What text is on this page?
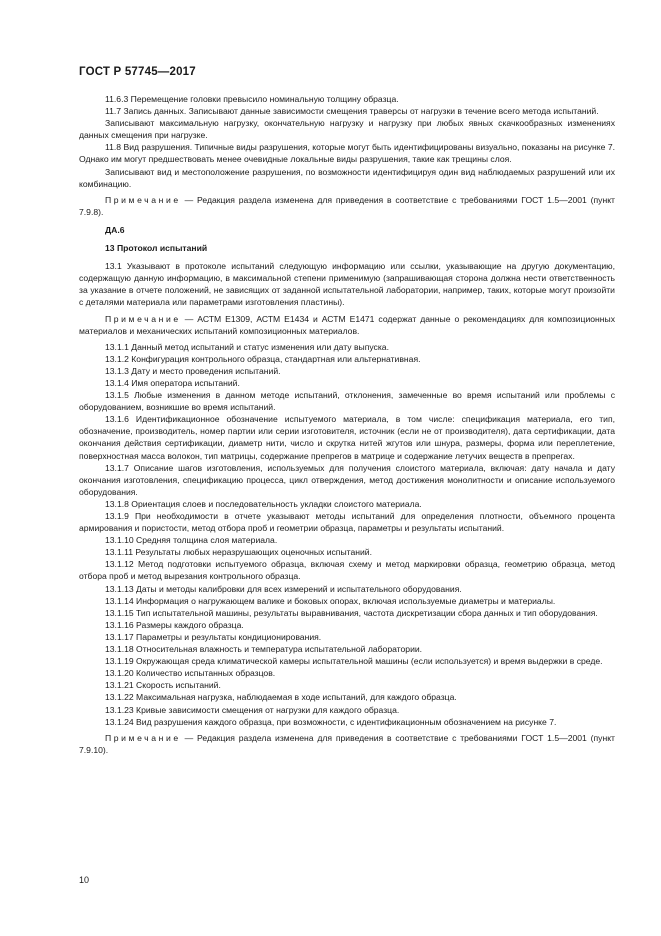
ГОСТ Р 57745—2017

11.6.3 Перемещение головки превысило номинальную толщину образца.

11.7 Запись данных. Записывают данные зависимости смещения траверсы от нагрузки в течение всего метода испытаний.

Записывают максимальную нагрузку, окончательную нагрузку и нагрузку при любых явных скачкообразных изменениях данных смещения при нагрузке.

11.8 Вид разрушения. Типичные виды разрушения, которые могут быть идентифицированы визуально, показаны на рисунке 7. Однако им могут предшествовать менее очевидные локальные виды разрушения, такие как трещины слоя.

Записывают вид и местоположение разрушения, по возможности идентифицируя один вид наблюдаемых разрушений или их комбинацию.

Примечание — Редакция раздела изменена для приведения в соответствие с требованиями ГОСТ 1.5—2001 (пункт 7.9.8).

ДА.6

13 Протокол испытаний

13.1 Указывают в протоколе испытаний следующую информацию или ссылки, указывающие на другую документацию, содержащую данную информацию, в максимальной степени применимую (запрашивающая сторона должна нести ответственность за указание в отчете положений, не зависящих от заданной испытательной лаборатории, например, таких, которые могут произойти с деталями материала или параметрами изготовления пластины).

Примечание — АСТМ Е1309, АСТМ Е1434 и АСТМ Е1471 содержат данные о рекомендациях для композиционных материалов и механических испытаний композиционных материалов.

13.1.1 Данный метод испытаний и статус изменения или дату выпуска.

13.1.2 Конфигурация контрольного образца, стандартная или альтернативная.

13.1.3 Дату и место проведения испытаний.

13.1.4 Имя оператора испытаний.

13.1.5 Любые изменения в данном методе испытаний, отклонения, замеченные во время испытаний или проблемы с оборудованием, возникшие во время испытаний.

13.1.6 Идентификационное обозначение испытуемого материала, в том числе: спецификация материала, его тип, обозначение, производитель, номер партии или серии изготовителя, источник (если не от производителя), дата сертификации, дата окончания действия сертификации, диаметр нити, число и скрутка нитей жгутов или шнура, размеры, форма или переплетение, поверхностная масса волокон, тип матрицы, содержание препрегов в матрице и содержание летучих веществ в препрегах.

13.1.7 Описание шагов изготовления, используемых для получения слоистого материала, включая: дату начала и дату окончания изготовления, спецификацию процесса, цикл отверждения, метод достижения монолитности и описание используемого оборудования.

13.1.8 Ориентация слоев и последовательность укладки слоистого материала.

13.1.9 При необходимости в отчете указывают методы испытаний для определения плотности, объемного процента армирования и пористости, метод отбора проб и геометрии образца, параметры и результаты испытаний.

13.1.10 Средняя толщина слоя материала.

13.1.11 Результаты любых неразрушающих оценочных испытаний.

13.1.12 Метод подготовки испытуемого образца, включая схему и метод маркировки образца, геометрию образца, метод отбора проб и метод вырезания контрольного образца.

13.1.13 Даты и методы калибровки для всех измерений и испытательного оборудования.

13.1.14 Информация о нагружающем валике и боковых опорах, включая используемые диаметры и материалы.

13.1.15 Тип испытательной машины, результаты выравнивания, частота дискретизации сбора данных и тип оборудования.

13.1.16 Размеры каждого образца.

13.1.17 Параметры и результаты кондиционирования.

13.1.18 Относительная влажность и температура испытательной лаборатории.

13.1.19 Окружающая среда климатической камеры испытательной машины (если используется) и время выдержки в среде.

13.1.20 Количество испытанных образцов.

13.1.21 Скорость испытаний.

13.1.22 Максимальная нагрузка, наблюдаемая в ходе испытаний, для каждого образца.

13.1.23 Кривые зависимости смещения от нагрузки для каждого образца.

13.1.24 Вид разрушения каждого образца, при возможности, с идентификационным обозначением на рисунке 7.

Примечание — Редакция раздела изменена для приведения в соответствие с требованиями ГОСТ 1.5—2001 (пункт 7.9.10).

10
